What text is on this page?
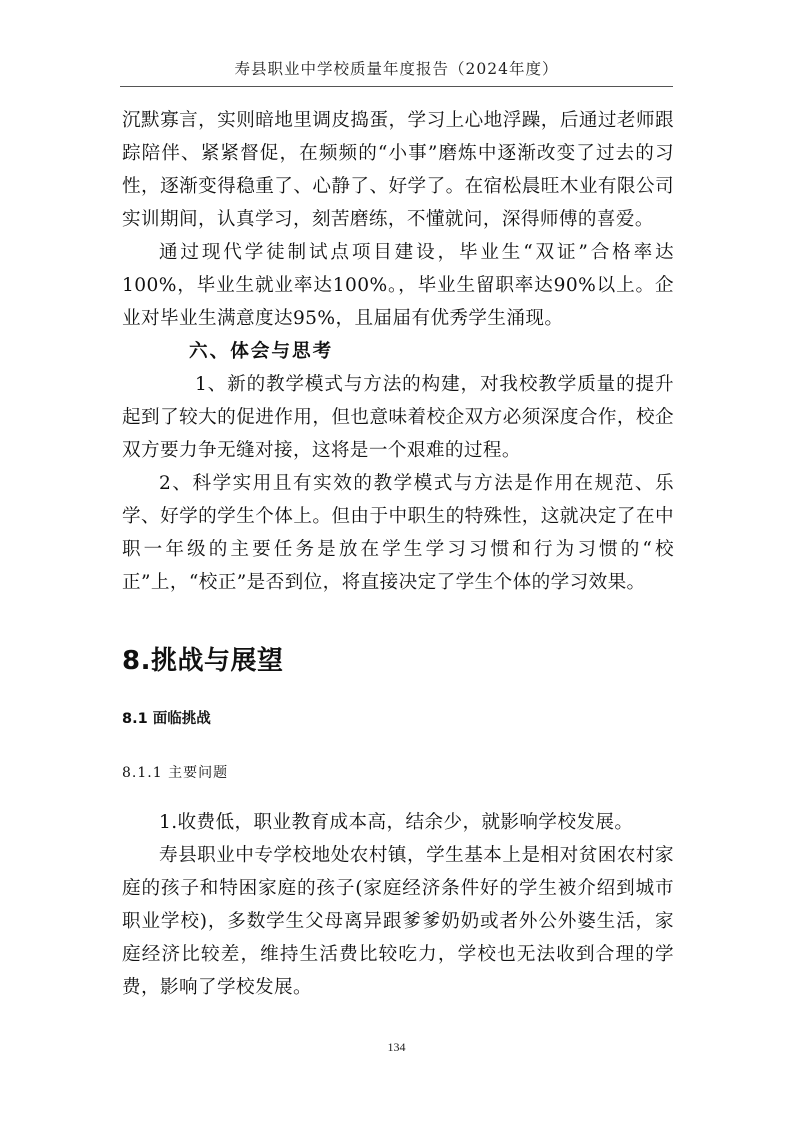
寿县职业中学校质量年度报告（2024年度）

沉默寡言，实则暗地里调皮捣蛋，学习上心地浮躁，后通过老师跟踪陪伴、紧紧督促，在频频的“小事”磨炼中逐渐改变了过去的习性，逐渐变得稳重了、心静了、好学了。在宿松晨旺木业有限公司实训期间，认真学习，刻苦磨练，不懂就问，深得师傅的喜爱。

通过现代学徒制试点项目建设，毕业生“双证”合格率达100%，毕业生就业率达100%。，毕业生留职率达90%以上。企业对毕业生满意度达95%，且届届有优秀学生涌现。

六、体会与思考

1、新的教学模式与方法的构建，对我校教学质量的提升起到了较大的促进作用，但也意味着校企双方必须深度合作，校企双方要力争无缝对接，这将是一个艰难的过程。

2、科学实用且有实效的教学模式与方法是作用在规范、乐学、好学的学生个体上。但由于中职生的特殊性，这就决定了在中职一年级的主要任务是放在学生学习习惯和行为习惯的“校正”上，“校正”是否到位，将直接决定了学生个体的学习效果。

8.挑战与展望
8.1 面临挑战
8.1.1 主要问题

1.收费低，职业教育成本高，结余少，就影响学校发展。

寿县职业中专学校地处农村镇，学生基本上是相对贫困农村家庭的孩子和特困家庭的孩子(家庭经济条件好的学生被介绍到城市职业学校)，多数学生父母离异跟爹爹奶奶或者外公外婆生活，家庭经济比较差，维持生活费比较吃力，学校也无法收到合理的学费，影响了学校发展。

134
